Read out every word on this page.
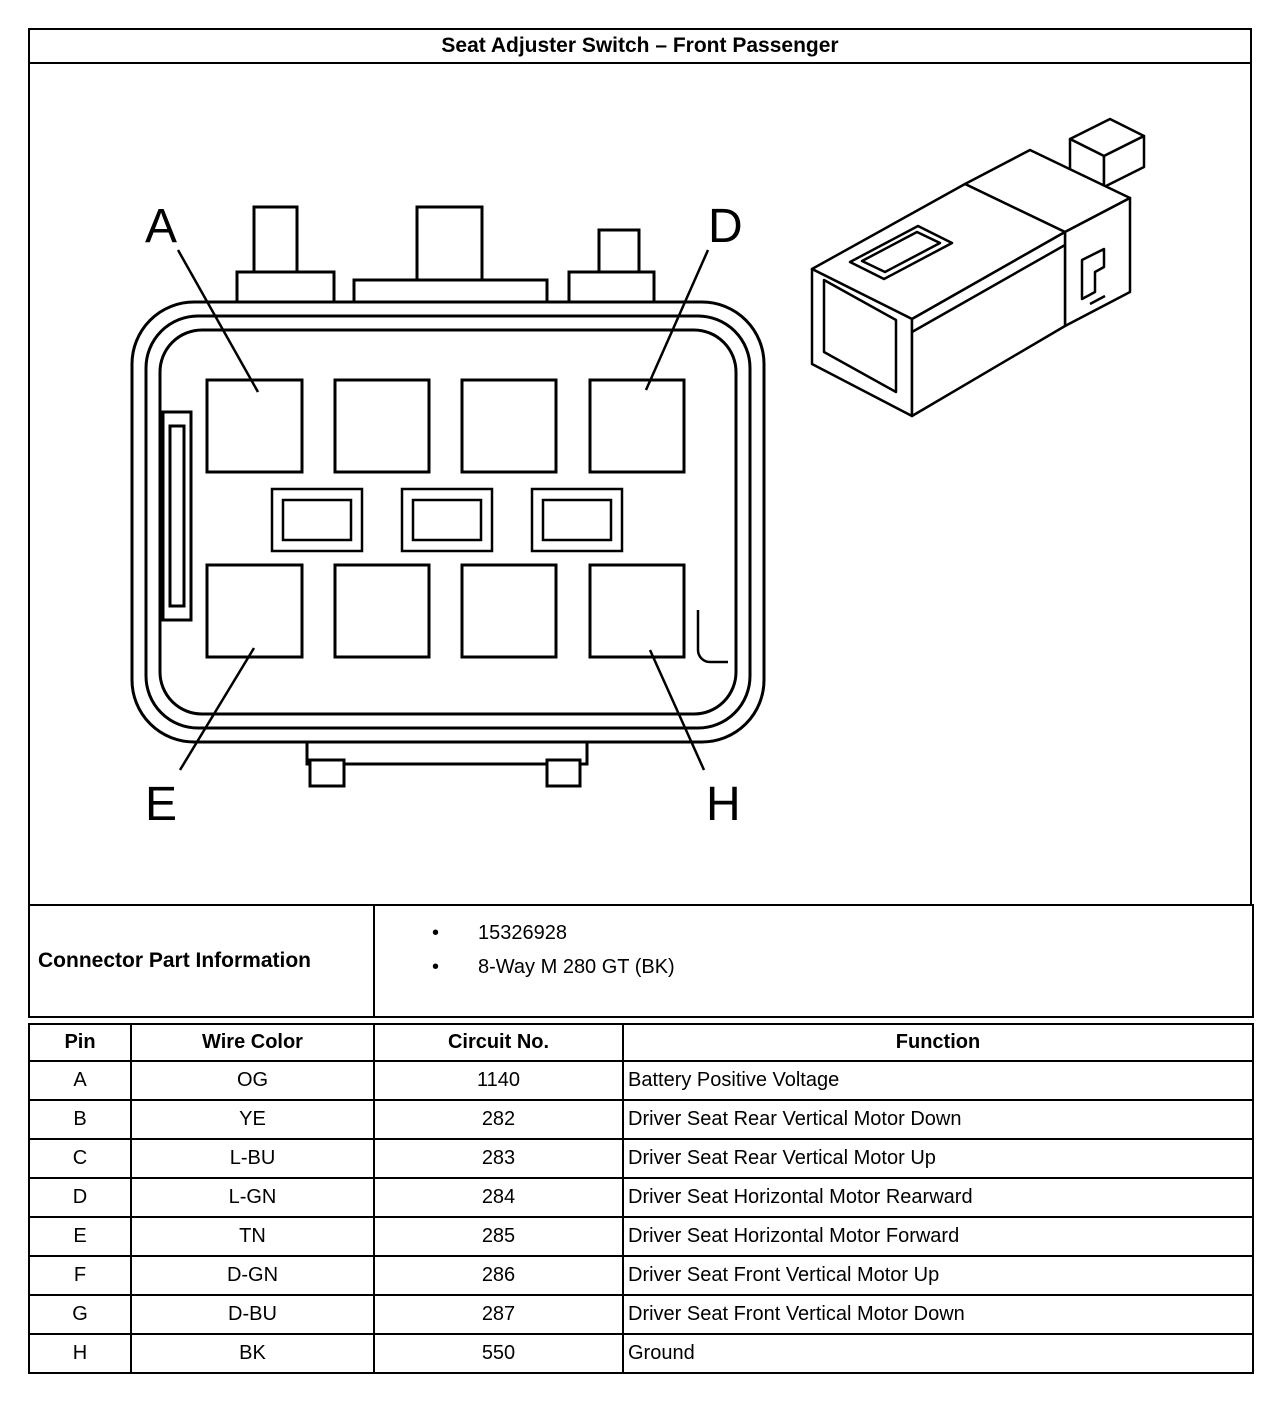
Seat Adjuster Switch – Front Passenger
A	D
E	H
Connector Part Information	
• 15326928
• 8-Way M 280 GT (BK)
Pin	Wire Color	Circuit No.	Function
A	OG	1140	Battery Positive Voltage
B	YE	282	Driver Seat Rear Vertical Motor Down
C	L-BU	283	Driver Seat Rear Vertical Motor Up
D	L-GN	284	Driver Seat Horizontal Motor Rearward
E	TN	285	Driver Seat Horizontal Motor Forward
F	D-GN	286	Driver Seat Front Vertical Motor Up
G	D-BU	287	Driver Seat Front Vertical Motor Down
H	BK	550	Ground
